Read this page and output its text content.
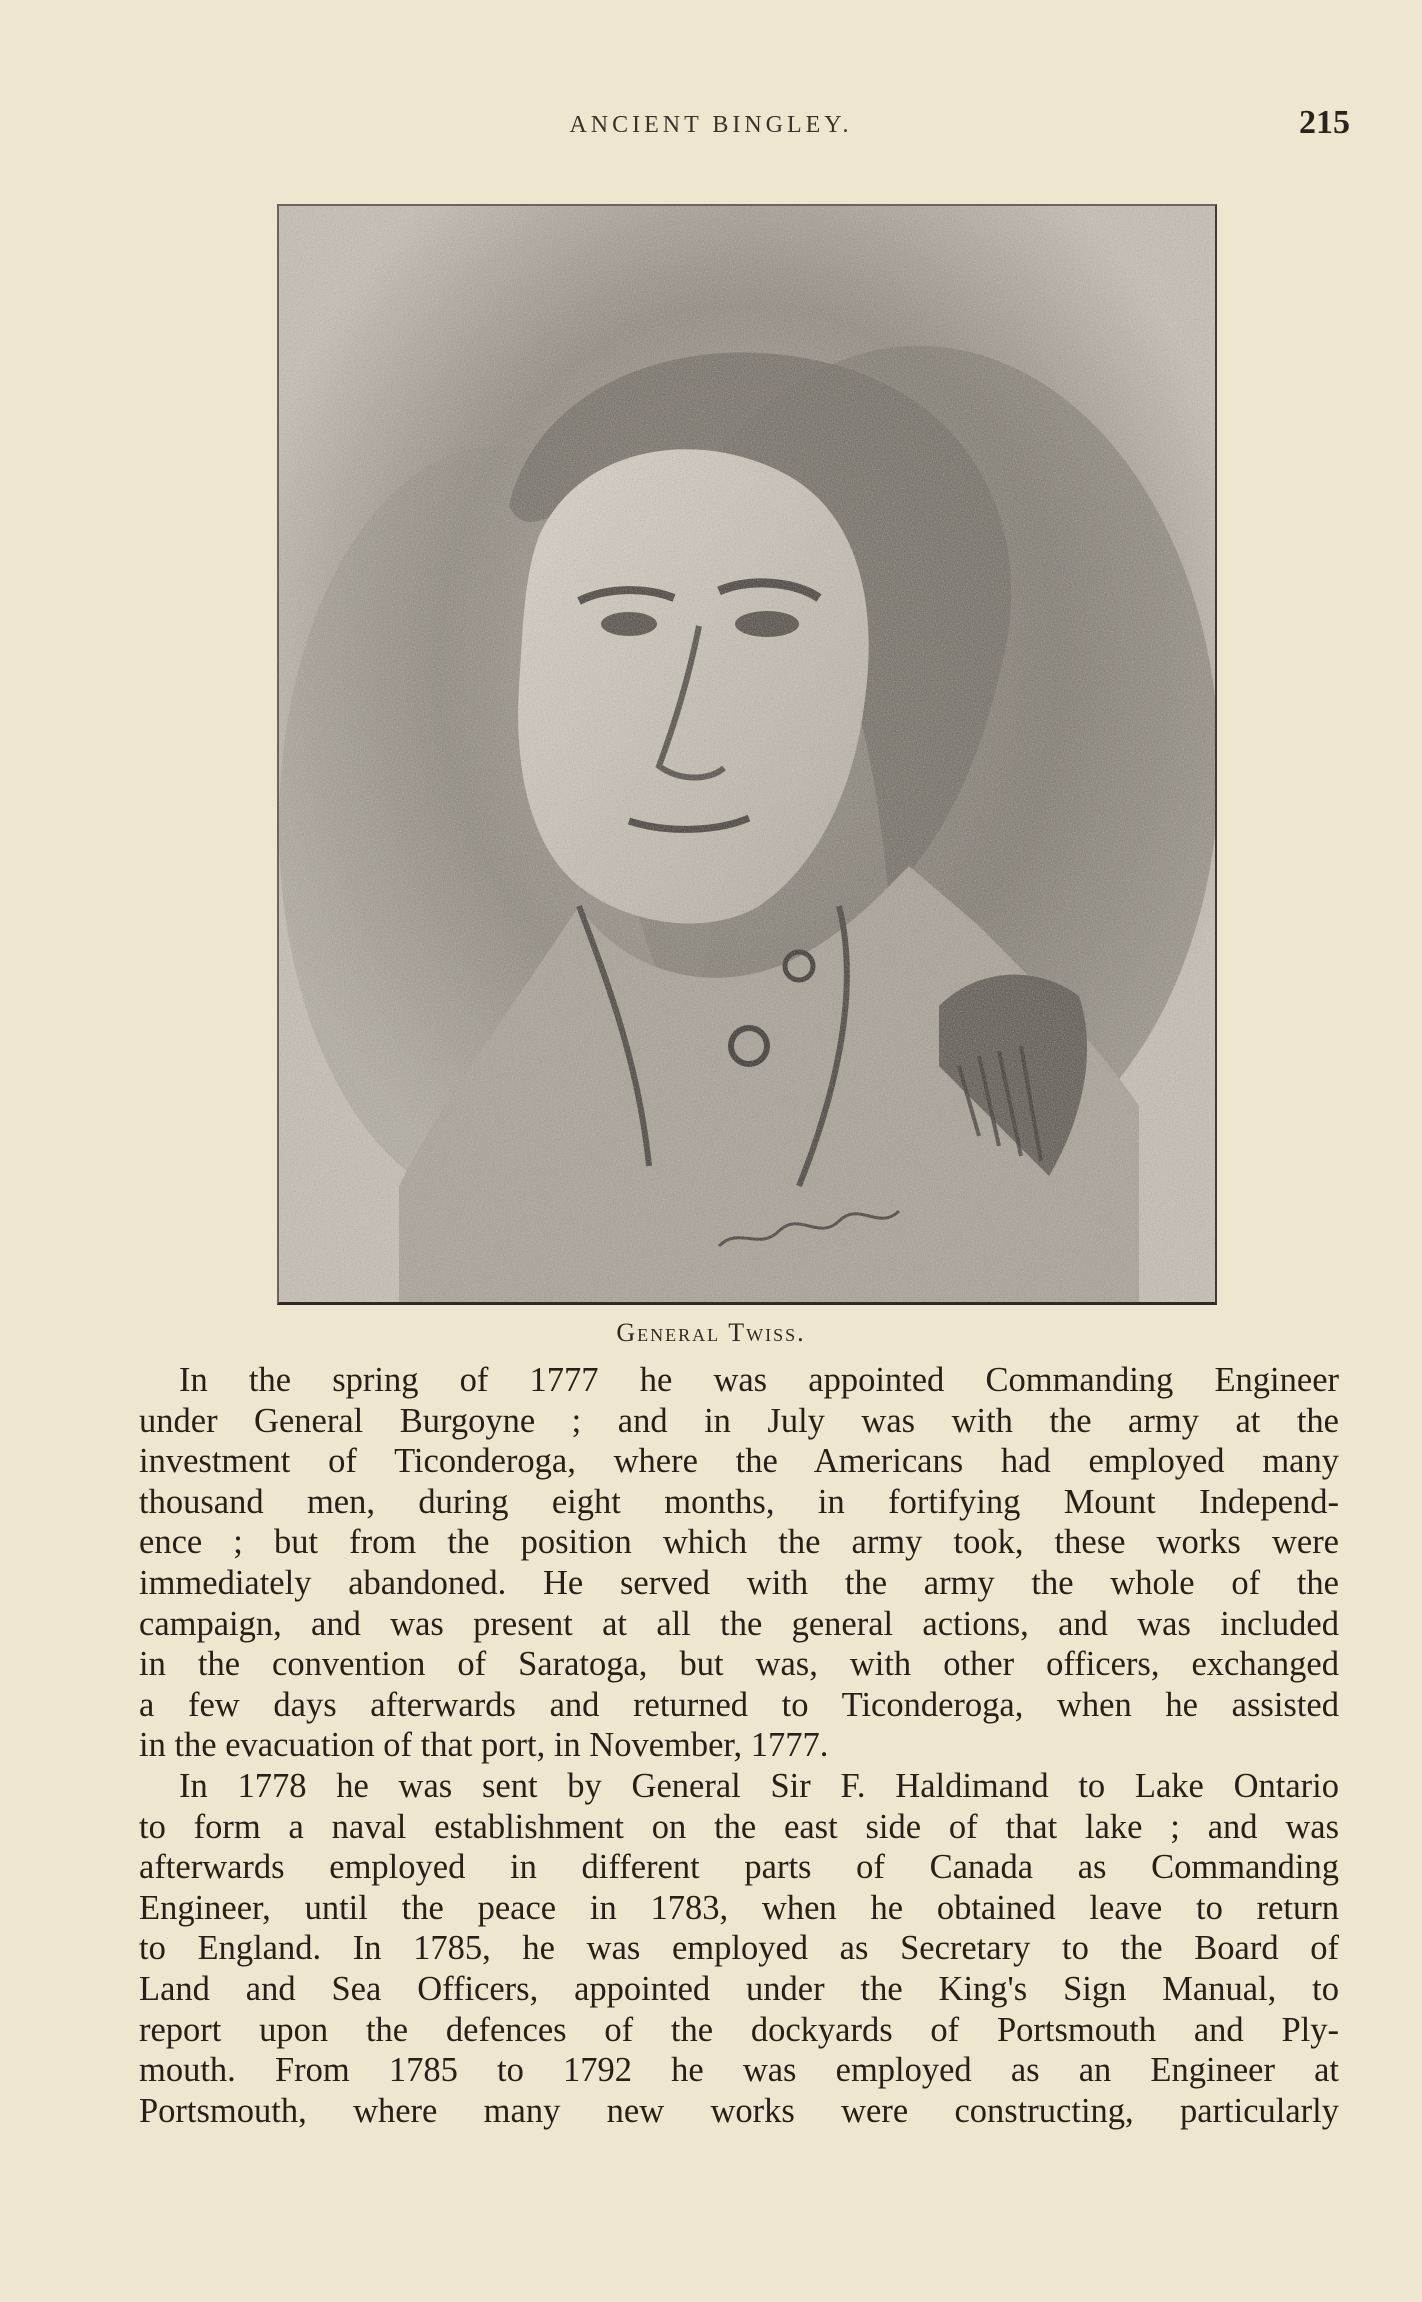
ANCIENT BINGLEY.	215
General Twiss.
In the spring of 1777 he was appointed Commanding Engineer
under General Burgoyne ; and in July was with the army at the
investment of Ticonderoga, where the Americans had employed many
thousand men, during eight months, in fortifying Mount Independ-
ence ; but from the position which the army took, these works were
immediately abandoned. He served with the army the whole of the
campaign, and was present at all the general actions, and was included
in the convention of Saratoga, but was, with other officers, exchanged
a few days afterwards and returned to Ticonderoga, when he assisted
in the evacuation of that port, in November, 1777.
In 1778 he was sent by General Sir F. Haldimand to Lake Ontario
to form a naval establishment on the east side of that lake ; and was
afterwards employed in different parts of Canada as Commanding
Engineer, until the peace in 1783, when he obtained leave to return
to England. In 1785, he was employed as Secretary to the Board of
Land and Sea Officers, appointed under the King's Sign Manual, to
report upon the defences of the dockyards of Portsmouth and Ply-
mouth. From 1785 to 1792 he was employed as an Engineer at
Portsmouth, where many new works were constructing, particularly
